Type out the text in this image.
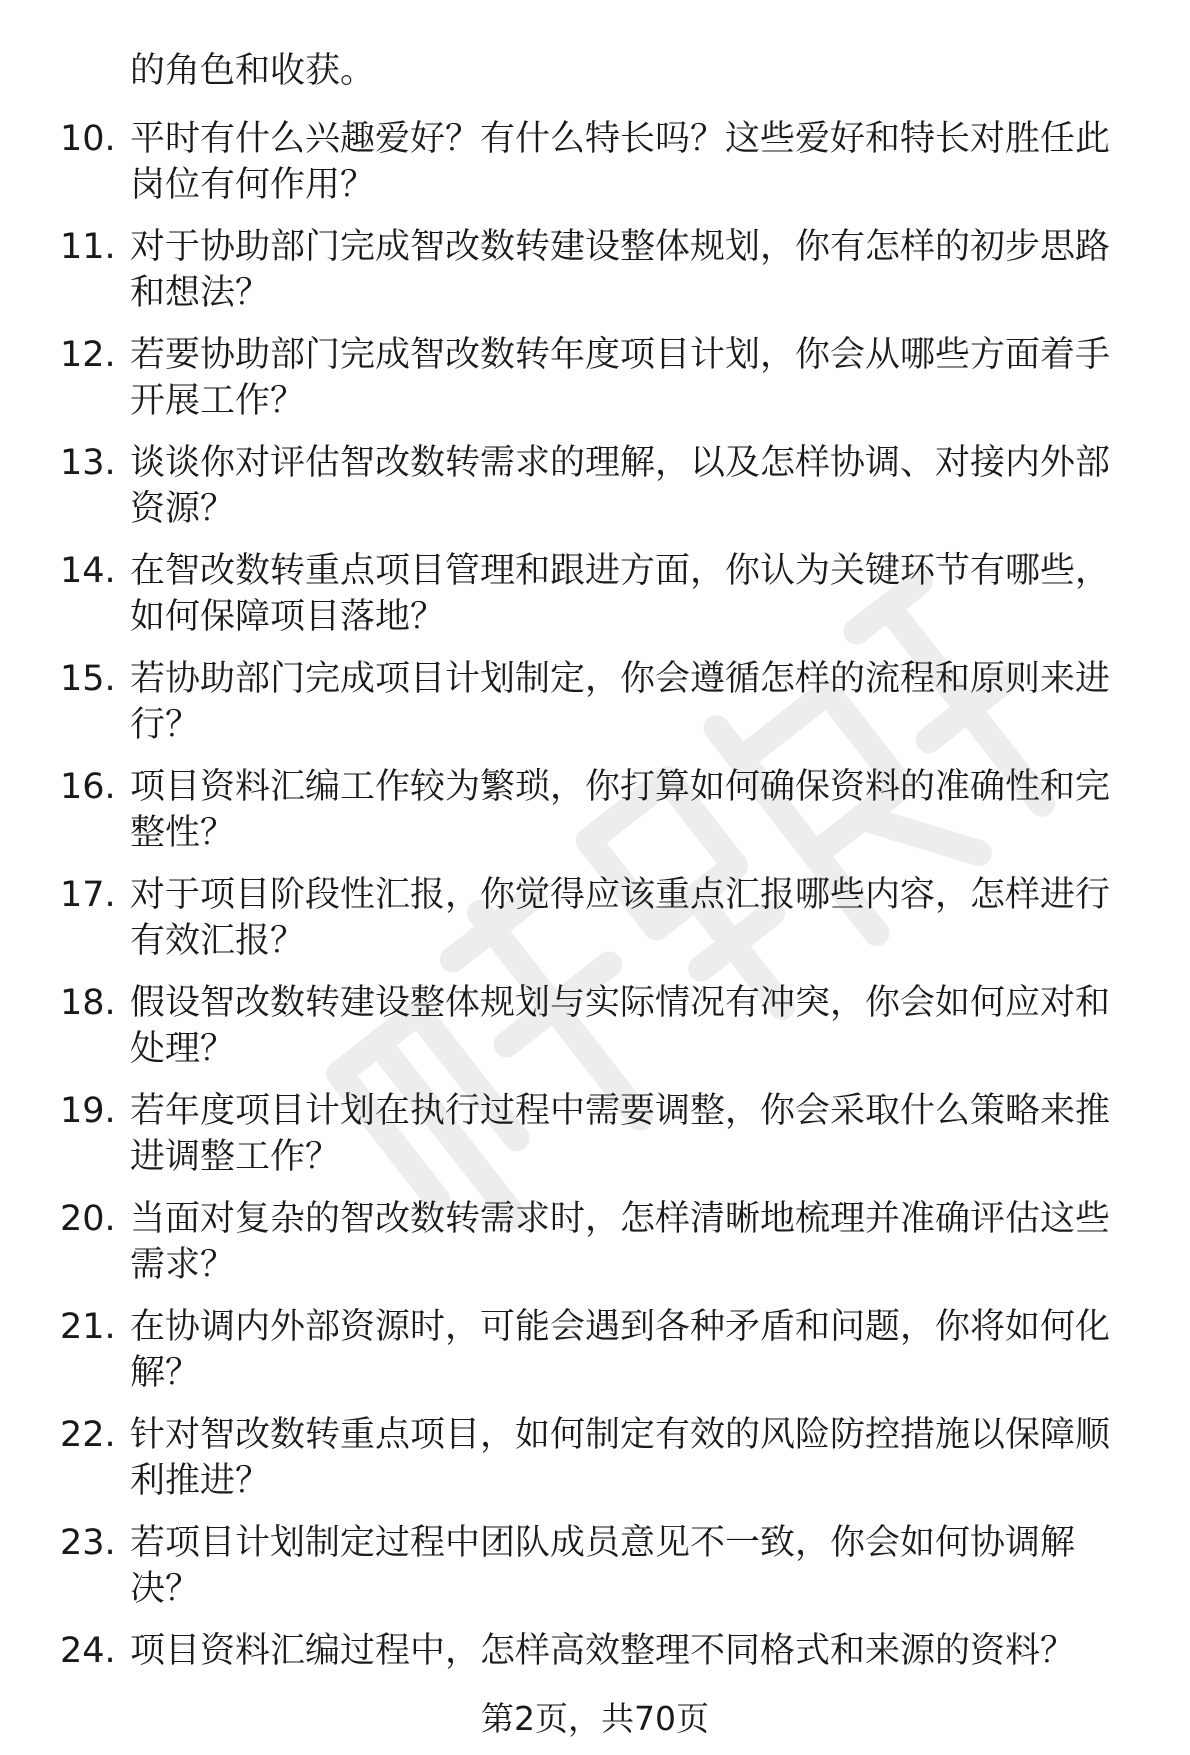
的角色和收获。
10. 平时有什么兴趣爱好？有什么特长吗？这些爱好和特长对胜任此
岗位有何作用？
11. 对于协助部门完成智改数转建设整体规划，你有怎样的初步思路
和想法？
12. 若要协助部门完成智改数转年度项目计划，你会从哪些方面着手
开展工作？
13. 谈谈你对评估智改数转需求的理解，以及怎样协调、对接内外部
资源？
14. 在智改数转重点项目管理和跟进方面，你认为关键环节有哪些，
如何保障项目落地？
15. 若协助部门完成项目计划制定，你会遵循怎样的流程和原则来进
行？
16. 项目资料汇编工作较为繁琐，你打算如何确保资料的准确性和完
整性？
17. 对于项目阶段性汇报，你觉得应该重点汇报哪些内容，怎样进行
有效汇报？
18. 假设智改数转建设整体规划与实际情况有冲突，你会如何应对和
处理？
19. 若年度项目计划在执行过程中需要调整，你会采取什么策略来推
进调整工作？
20. 当面对复杂的智改数转需求时，怎样清晰地梳理并准确评估这些
需求？
21. 在协调内外部资源时，可能会遇到各种矛盾和问题，你将如何化
解？
22. 针对智改数转重点项目，如何制定有效的风险防控措施以保障顺
利推进？
23. 若项目计划制定过程中团队成员意见不一致，你会如何协调解
决？
24. 项目资料汇编过程中，怎样高效整理不同格式和来源的资料？
第2页，共70页
